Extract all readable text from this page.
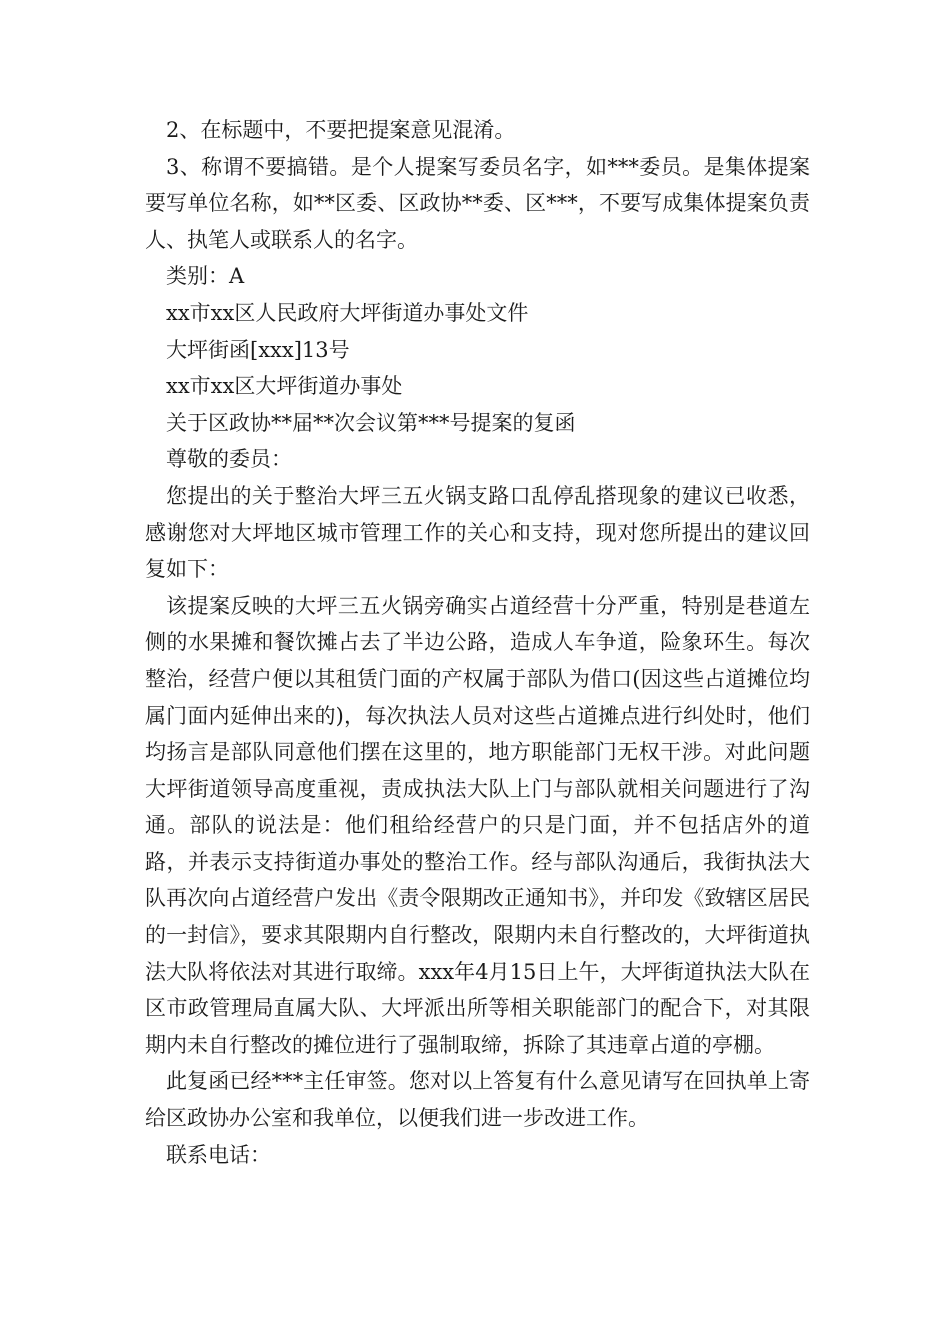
2、在标题中，不要把提案意见混淆。

3、称谓不要搞错。是个人提案写委员名字，如***委员。是集体提案要写单位名称，如**区委、区政协**委、区***，不要写成集体提案负责人、执笔人或联系人的名字。

类别：A

xx市xx区人民政府大坪街道办事处文件

大坪街函[xxx]13号

xx市xx区大坪街道办事处

关于区政协**届**次会议第***号提案的复函

尊敬的委员：

您提出的关于整治大坪三五火锅支路口乱停乱搭现象的建议已收悉，感谢您对大坪地区城市管理工作的关心和支持，现对您所提出的建议回复如下：

该提案反映的大坪三五火锅旁确实占道经营十分严重，特别是巷道左侧的水果摊和餐饮摊占去了半边公路，造成人车争道，险象环生。每次整治，经营户便以其租赁门面的产权属于部队为借口(因这些占道摊位均属门面内延伸出来的)，每次执法人员对这些占道摊点进行纠处时，他们均扬言是部队同意他们摆在这里的，地方职能部门无权干涉。对此问题大坪街道领导高度重视，责成执法大队上门与部队就相关问题进行了沟通。部队的说法是：他们租给经营户的只是门面，并不包括店外的道路，并表示支持街道办事处的整治工作。经与部队沟通后，我街执法大队再次向占道经营户发出《责令限期改正通知书》，并印发《致辖区居民的一封信》，要求其限期内自行整改，限期内未自行整改的，大坪街道执法大队将依法对其进行取缔。xxx年4月15日上午，大坪街道执法大队在区市政管理局直属大队、大坪派出所等相关职能部门的配合下，对其限期内未自行整改的摊位进行了强制取缔，拆除了其违章占道的亭棚。

此复函已经***主任审签。您对以上答复有什么意见请写在回执单上寄给区政协办公室和我单位，以便我们进一步改进工作。

联系电话：
